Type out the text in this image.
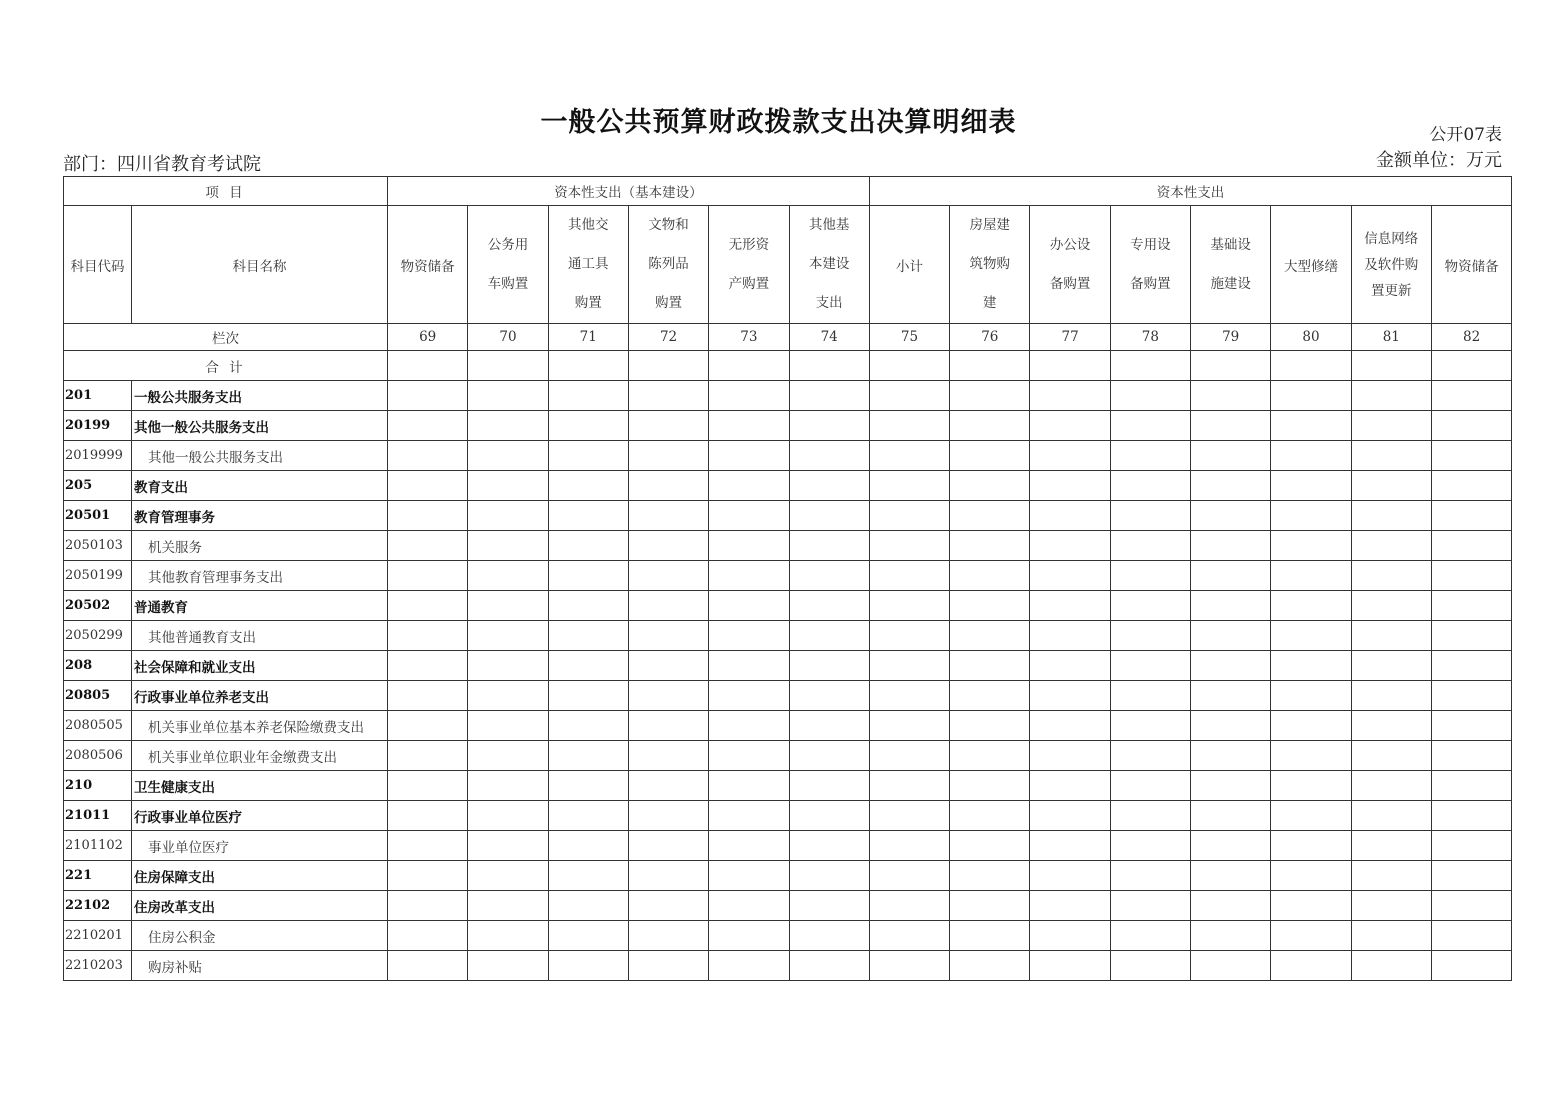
一般公共预算财政拨款支出决算明细表	公开07表
部门：四川省教育考试院	金额单位：万元
项 目		资本性支出（基本建设）						资本性支出							
科目代码	科目名称	物资储备	公务用车购置	其他交通工具购置	文物和陈列品购置	无形资产购置	其他基本建设支出	小计	房屋建筑物购建	办公设备购置	专用设备购置	基础设施建设	大型修缮	信息网络及软件购置更新	物资储备
栏次		69	70	71	72	73	74	75	76	77	78	79	80	81	82
合 计															
201	一般公共服务支出														
20199	其他一般公共服务支出														
2019999	其他一般公共服务支出														
205	教育支出														
20501	教育管理事务														
2050103	机关服务														
2050199	其他教育管理事务支出														
20502	普通教育														
2050299	其他普通教育支出														
208	社会保障和就业支出														
20805	行政事业单位养老支出														
2080505	机关事业单位基本养老保险缴费支出														
2080506	机关事业单位职业年金缴费支出														
210	卫生健康支出														
21011	行政事业单位医疗														
2101102	事业单位医疗														
221	住房保障支出														
22102	住房改革支出														
2210201	住房公积金														
2210203	购房补贴														
